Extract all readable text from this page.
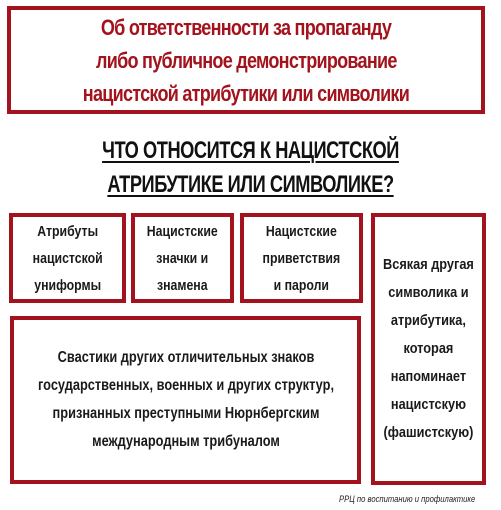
Об ответственности за пропаганду
либо публичное демонстрирование
нацистской атрибутики или символики
ЧТО ОТНОСИТСЯ К НАЦИСТСКОЙ
АТРИБУТИКЕ ИЛИ СИМВОЛИКЕ?
Атрибуты
нацистской
униформы
Нацистские
значки и
знамена
Нацистские
приветствия
и пароли
Свастики других отличительных знаков
государственных, военных и других структур,
признанных преступными Нюрнбергским
международным трибуналом
Всякая другая
символика и
атрибутика,
которая
напоминает
нацистскую
(фашистскую)
РРЦ по воспитанию и профилактике
